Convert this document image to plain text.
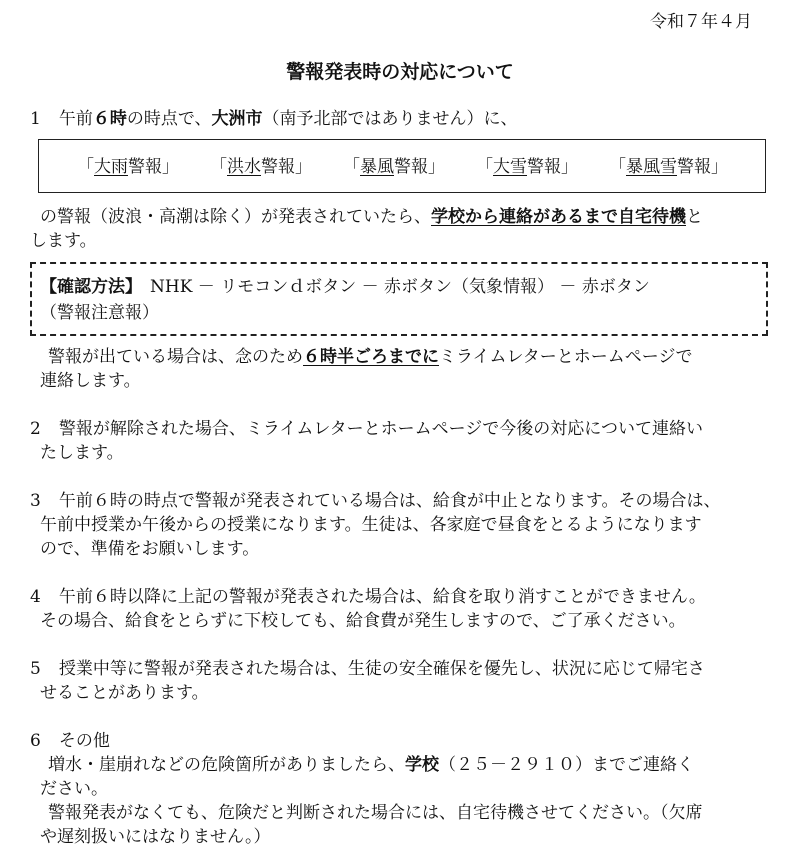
令和７年４月
警報発表時の対応について
1 午前６時の時点で、大洲市（南予北部ではありません）に、
「大雨警報」 「洪水警報」 「暴風警報」 「大雪警報」 「暴風雪警報」
の警報（波浪・高潮は除く）が発表されていたら、学校から連絡があるまで自宅待機と
します。
【確認方法】 NHK － リモコンｄボタン － 赤ボタン（気象情報） － 赤ボタン
（警報注意報）
警報が出ている場合は、念のため６時半ごろまでにミライムレターとホームページで
連絡します。
2 警報が解除された場合、ミライムレターとホームページで今後の対応について連絡い
たします。
3 午前６時の時点で警報が発表されている場合は、給食が中止となります。その場合は、
午前中授業か午後からの授業になります。生徒は、各家庭で昼食をとるようになります
ので、準備をお願いします。
4 午前６時以降に上記の警報が発表された場合は、給食を取り消すことができません。
その場合、給食をとらずに下校しても、給食費が発生しますので、ご了承ください。
5 授業中等に警報が発表された場合は、生徒の安全確保を優先し、状況に応じて帰宅さ
せることがあります。
6 その他
増水・崖崩れなどの危険箇所がありましたら、学校（２５－２９１０）までご連絡く
ださい。
警報発表がなくても、危険だと判断された場合には、自宅待機させてください。（欠席
や遅刻扱いにはなりません。）
